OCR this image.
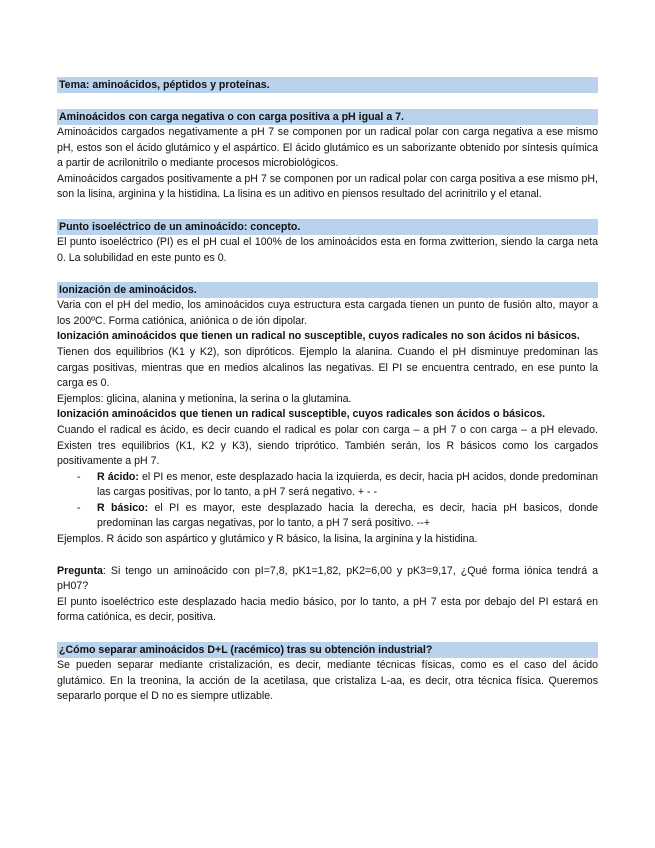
Tema: aminoácidos, péptidos y proteínas.
Aminoácidos con carga negativa o con carga positiva a pH igual a 7.

Aminoácidos cargados negativamente a pH 7 se componen por un radical polar con carga negativa a ese mismo pH, estos son el ácido glutámico y el aspártico. El ácido glutámico es un saborizante obtenido por síntesis química a partir de acrilonitrilo o mediante procesos microbiológicos.

Aminoácidos cargados positivamente a pH 7 se componen por un radical polar con carga positiva a ese mismo pH, son la lisina, arginina y la histidina. La lisina es un aditivo en piensos resultado del acrinitrilo y el etanal.

Punto isoeléctrico de un aminoácido: concepto.

El punto isoeléctrico (PI) es el pH cual el 100% de los aminoácidos esta en forma zwitterion, siendo la carga neta 0. La solubilidad en este punto es 0.

Ionización de aminoácidos.

Varia con el pH del medio, los aminoácidos cuya estructura esta cargada tienen un punto de fusión alto, mayor a los 200ºC. Forma catiónica, aniónica o de ión dipolar.

Ionización aminoácidos que tienen un radical no susceptible, cuyos radicales no son ácidos ni básicos.

Tienen dos equilibrios (K1 y K2), son dipróticos. Ejemplo la alanina. Cuando el pH disminuye predominan las cargas positivas, mientras que en medios alcalinos las negativas. El PI se encuentra centrado, en ese punto la carga es 0.

Ejemplos: glicina, alanina y metionina, la serina o la glutamina.

Ionización aminoácidos que tienen un radical susceptible, cuyos radicales son ácidos o básicos.

Cuando el radical es ácido, es decir cuando el radical es polar con carga – a pH 7 o con carga – a pH elevado. Existen tres equilibrios (K1, K2 y K3), siendo triprótico. También serán, los R básicos como los cargados positivamente a pH 7.

- R ácido: el PI es menor, este desplazado hacia la izquierda, es decir, hacia pH acidos, donde predominan las cargas positivas, por lo tanto, a pH 7 será negativo. + - -
- R básico: el PI es mayor, este desplazado hacia la derecha, es decir, hacia pH basicos, donde predominan las cargas negativas, por lo tanto, a pH 7 será positivo. --+

Ejemplos. R ácido son aspártico y glutámico y R básico, la lisina, la arginina y la histidina.

Pregunta: Si tengo un aminoácido con pI=7,8, pK1=1,82, pK2=6,00 y pK3=9,17, ¿Qué forma iónica tendrá a pH07?

El punto isoeléctrico este desplazado hacia medio básico, por lo tanto, a pH 7 esta por debajo del PI estará en forma catiónica, es decir, positiva.

¿Cómo separar aminoácidos D+L (racémico) tras su obtención industrial?

Se pueden separar mediante cristalización, es decir, mediante técnicas físicas, como es el caso del ácido glutámico. En la treonina, la acción de la acetilasa, que cristaliza L-aa, es decir, otra técnica física. Queremos separarlo porque el D no es siempre utlizable.
